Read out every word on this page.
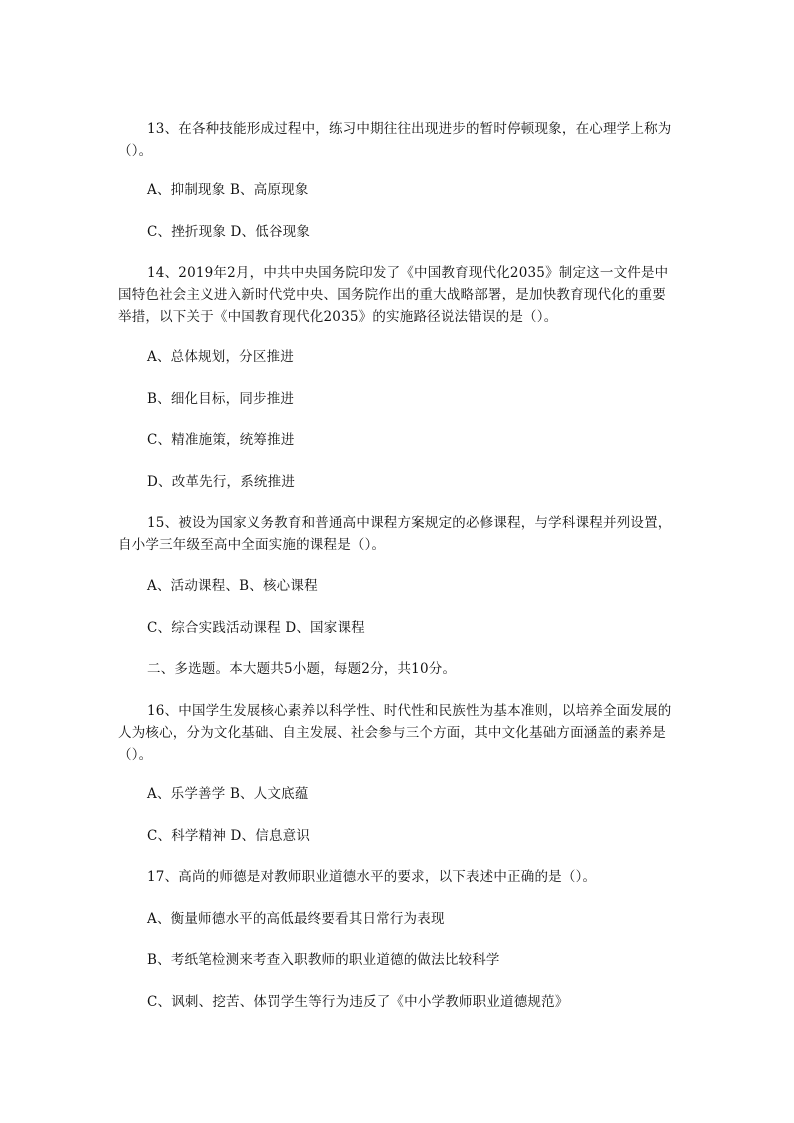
13、在各种技能形成过程中，练习中期往往出现进步的暂时停顿现象，在心理学上称为（）。
A、抑制现象 B、高原现象
C、挫折现象 D、低谷现象
14、2019年2月，中共中央国务院印发了《中国教育现代化2035》制定这一文件是中国特色社会主义进入新时代党中央、国务院作出的重大战略部署，是加快教育现代化的重要举措，以下关于《中国教育现代化2035》的实施路径说法错误的是（）。
A、总体规划，分区推进
B、细化目标，同步推进
C、精准施策，统筹推进
D、改革先行，系统推进
15、被设为国家义务教育和普通高中课程方案规定的必修课程，与学科课程并列设置，自小学三年级至高中全面实施的课程是（）。
A、活动课程、B、核心课程
C、综合实践活动课程 D、国家课程
二、多选题。本大题共5小题，每题2分，共10分。
16、中国学生发展核心素养以科学性、时代性和民族性为基本准则，以培养全面发展的人为核心，分为文化基础、自主发展、社会参与三个方面，其中文化基础方面涵盖的素养是（）。
A、乐学善学 B、人文底蕴
C、科学精神 D、信息意识
17、高尚的师德是对教师职业道德水平的要求，以下表述中正确的是（）。
A、衡量师德水平的高低最终要看其日常行为表现
B、考纸笔检测来考查入职教师的职业道德的做法比较科学
C、讽刺、挖苦、体罚学生等行为违反了《中小学教师职业道德规范》
